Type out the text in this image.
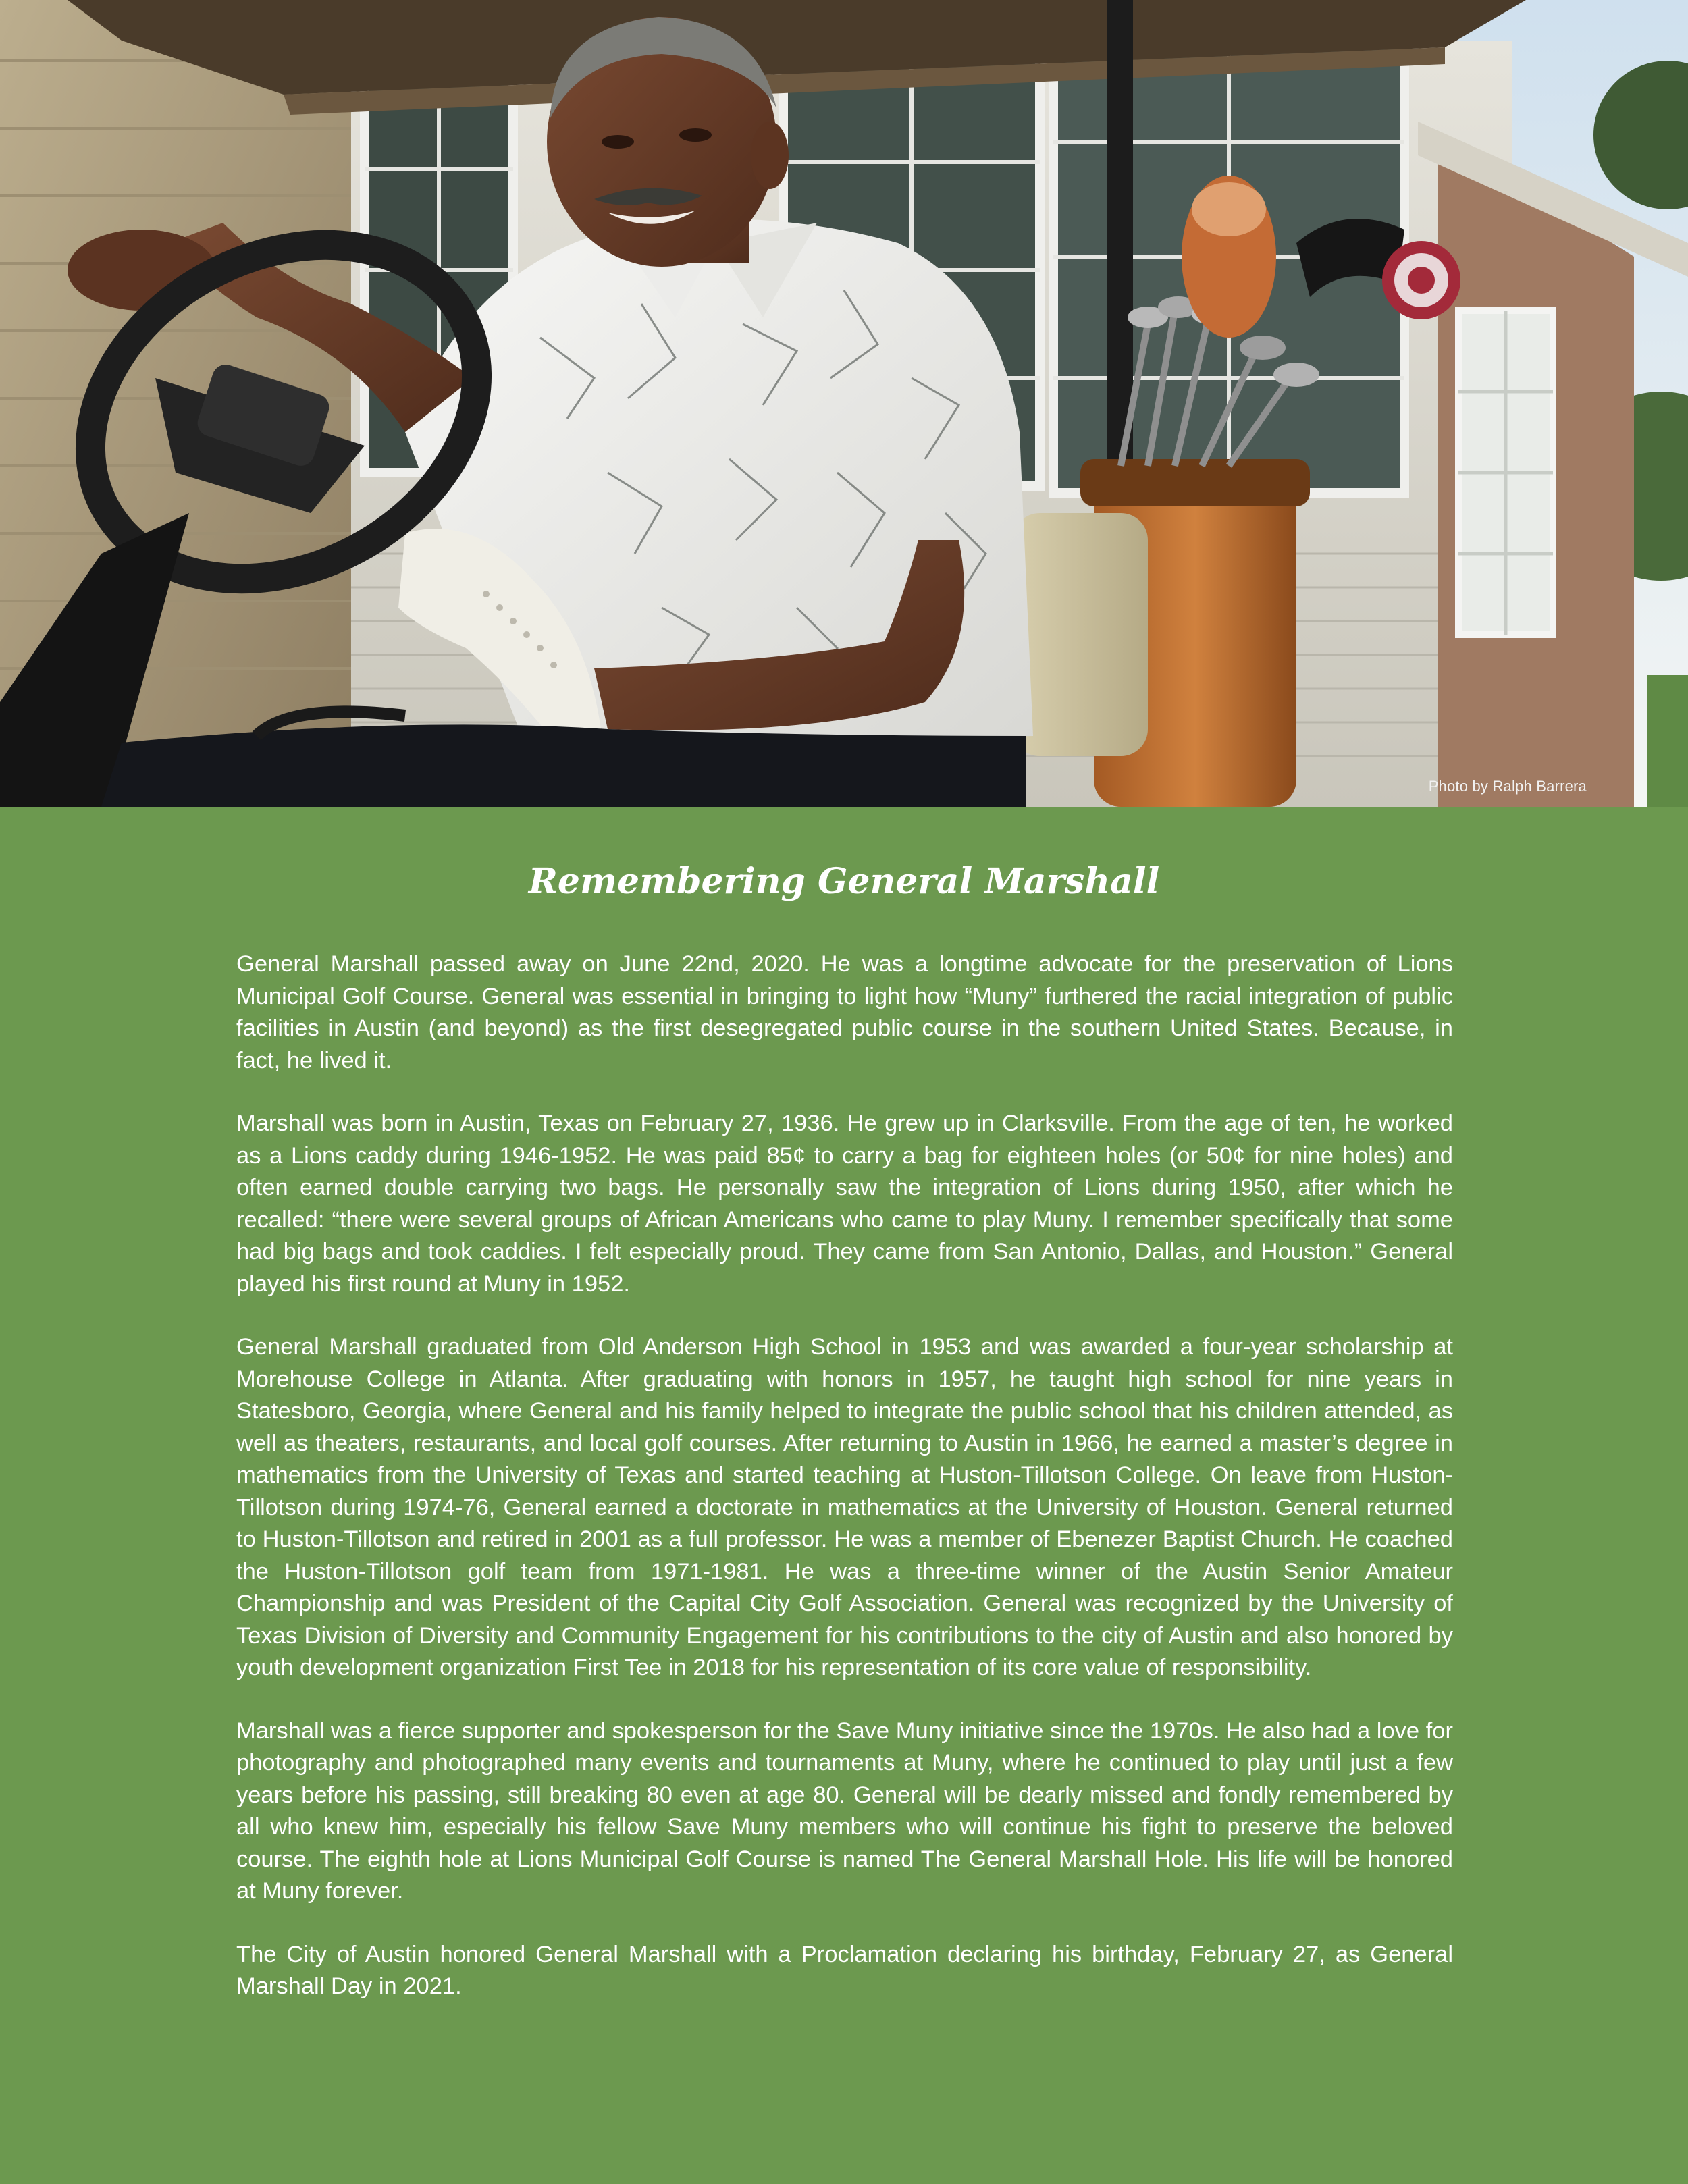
Photo by Ralph Barrera
Remembering General Marshall

General Marshall passed away on June 22nd, 2020. He was a longtime advocate for the preservation of Lions Municipal Golf Course. General was essential in bringing to light how “Muny” furthered the racial integration of public facilities in Austin (and beyond) as the first desegregated public course in the southern United States. Because, in fact, he lived it.

Marshall was born in Austin, Texas on February 27, 1936. He grew up in Clarksville. From the age of ten, he worked as a Lions caddy during 1946-1952. He was paid 85¢ to carry a bag for eighteen holes (or 50¢ for nine holes) and often earned double carrying two bags. He personally saw the integration of Lions during 1950, after which he recalled: “there were several groups of African Americans who came to play Muny. I remember specifically that some had big bags and took caddies. I felt especially proud. They came from San Antonio, Dallas, and Houston.” General played his first round at Muny in 1952.

General Marshall graduated from Old Anderson High School in 1953 and was awarded a four-year scholarship at Morehouse College in Atlanta. After graduating with honors in 1957, he taught high school for nine years in Statesboro, Georgia, where General and his family helped to integrate the public school that his children attended, as well as theaters, restaurants, and local golf courses. After returning to Austin in 1966, he earned a master’s degree in mathematics from the University of Texas and started teaching at Huston-Tillotson College. On leave from Huston-Tillotson during 1974-76, General earned a doctorate in mathematics at the University of Houston. General returned to Huston-Tillotson and retired in 2001 as a full professor. He was a member of Ebenezer Baptist Church. He coached the Huston-Tillotson golf team from 1971-1981. He was a three-time winner of the Austin Senior Amateur Championship and was President of the Capital City Golf Association. General was recognized by the University of Texas Division of Diversity and Community Engagement for his contributions to the city of Austin and also honored by youth development organization First Tee in 2018 for his representation of its core value of responsibility.

Marshall was a fierce supporter and spokesperson for the Save Muny initiative since the 1970s. He also had a love for photography and photographed many events and tournaments at Muny, where he continued to play until just a few years before his passing, still breaking 80 even at age 80. General will be dearly missed and fondly remembered by all who knew him, especially his fellow Save Muny members who will continue his fight to preserve the beloved course. The eighth hole at Lions Municipal Golf Course is named The General Marshall Hole. His life will be honored at Muny forever.

The City of Austin honored General Marshall with a Proclamation declaring his birthday, February 27, as General Marshall Day in 2021.
